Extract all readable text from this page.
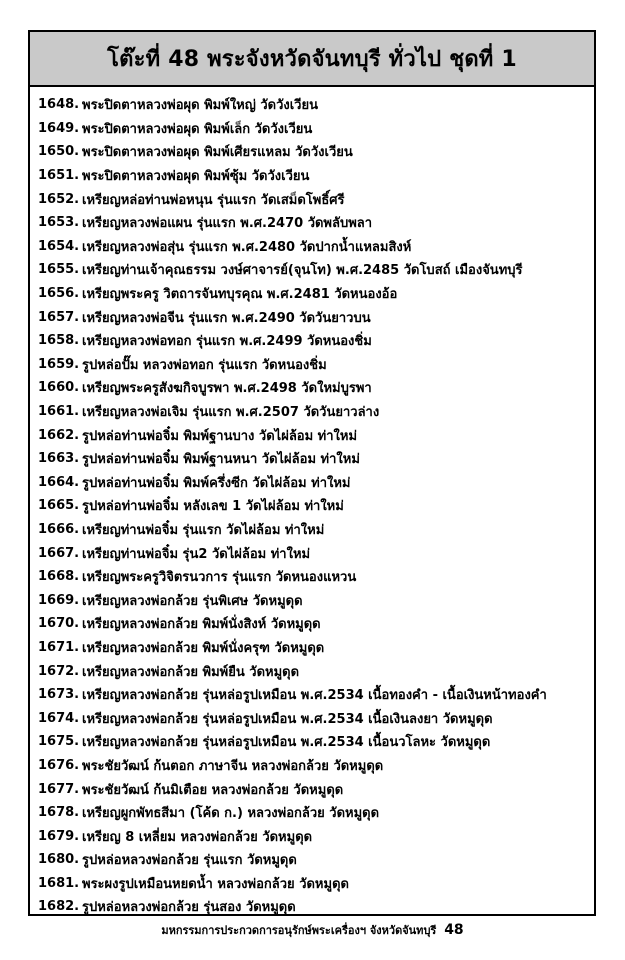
โต๊ะที่ 48 พระจังหวัดจันทบุรี ทั่วไป ชุดที่ 1
1648. พระปิดตาหลวงพ่อผุด พิมพ์ใหญ่ วัดวังเวียน
1649. พระปิดตาหลวงพ่อผุด พิมพ์เล็ก วัดวังเวียน
1650. พระปิดตาหลวงพ่อผุด พิมพ์เศียรแหลม วัดวังเวียน
1651. พระปิดตาหลวงพ่อผุด พิมพ์ซุ้ม วัดวังเวียน
1652. เหรียญหล่อท่านพ่อหนุน รุ่นแรก วัดเสม็ดโพธิ์ศรี
1653. เหรียญหลวงพ่อแผน รุ่นแรก พ.ศ.2470 วัดพลับพลา
1654. เหรียญหลวงพ่อสุ่น รุ่นแรก พ.ศ.2480 วัดปากน้ำแหลมสิงห์
1655. เหรียญท่านเจ้าคุณธรรม วงษ์ศาจารย์(จุนโท) พ.ศ.2485 วัดโบสถ์ เมืองจันทบุรี
1656. เหรียญพระครู วิตถารจันทบุรคุณ พ.ศ.2481 วัดหนองอ้อ
1657. เหรียญหลวงพ่อจีน รุ่นแรก พ.ศ.2490 วัดวันยาวบน
1658. เหรียญหลวงพ่อทอก รุ่นแรก พ.ศ.2499 วัดหนองชิ่ม
1659. รูปหล่อปั๊ม หลวงพ่อทอก รุ่นแรก วัดหนองชิ่ม
1660. เหรียญพระครูสังฆกิจบูรพา พ.ศ.2498 วัดใหม่บูรพา
1661. เหรียญหลวงพ่อเจิม รุ่นแรก พ.ศ.2507 วัดวันยาวล่าง
1662. รูปหล่อท่านพ่อจิ๋ม พิมพ์ฐานบาง วัดไผ่ล้อม ท่าใหม่
1663. รูปหล่อท่านพ่อจิ๋ม พิมพ์ฐานหนา วัดไผ่ล้อม ท่าใหม่
1664. รูปหล่อท่านพ่อจิ๋ม พิมพ์ครึ่งซีก วัดไผ่ล้อม ท่าใหม่
1665. รูปหล่อท่านพ่อจิ๋ม หลังเลข 1 วัดไผ่ล้อม ท่าใหม่
1666. เหรียญท่านพ่อจิ๋ม รุ่นแรก วัดไผ่ล้อม ท่าใหม่
1667. เหรียญท่านพ่อจิ๋ม รุ่น2 วัดไผ่ล้อม ท่าใหม่
1668. เหรียญพระครูวิจิตรนวการ รุ่นแรก วัดหนองแหวน
1669. เหรียญหลวงพ่อกล้วย รุ่นพิเศษ วัดหมูดุด
1670. เหรียญหลวงพ่อกล้วย พิมพ์นั่งสิงห์ วัดหมูดุด
1671. เหรียญหลวงพ่อกล้วย พิมพ์นั่งครุฑ วัดหมูดุด
1672. เหรียญหลวงพ่อกล้วย พิมพ์ยืน วัดหมูดุด
1673. เหรียญหลวงพ่อกล้วย รุ่นหล่อรูปเหมือน พ.ศ.2534 เนื้อทองคำ - เนื้อเงินหน้าทองคำ
1674. เหรียญหลวงพ่อกล้วย รุ่นหล่อรูปเหมือน พ.ศ.2534 เนื้อเงินลงยา วัดหมูดุด
1675. เหรียญหลวงพ่อกล้วย รุ่นหล่อรูปเหมือน พ.ศ.2534 เนื้อนวโลหะ วัดหมูดุด
1676. พระชัยวัฒน์ ก้นตอก ภาษาจีน หลวงพ่อกล้วย วัดหมูดุด
1677. พระชัยวัฒน์ ก้นมิเตือย หลวงพ่อกล้วย วัดหมูดุด
1678. เหรียญผูกพัทธสีมา (โค้ด ก.) หลวงพ่อกล้วย วัดหมูดุด
1679. เหรียญ 8 เหลี่ยม หลวงพ่อกล้วย วัดหมูดุด
1680. รูปหล่อหลวงพ่อกล้วย รุ่นแรก วัดหมูดุด
1681. พระผงรูปเหมือนหยดน้ำ หลวงพ่อกล้วย วัดหมูดุด
1682. รูปหล่อหลวงพ่อกล้วย รุ่นสอง วัดหมูดุด
มหกรรมการประกวดการอนุรักษ์พระเครื่องฯ จังหวัดจันทบุรี 48
